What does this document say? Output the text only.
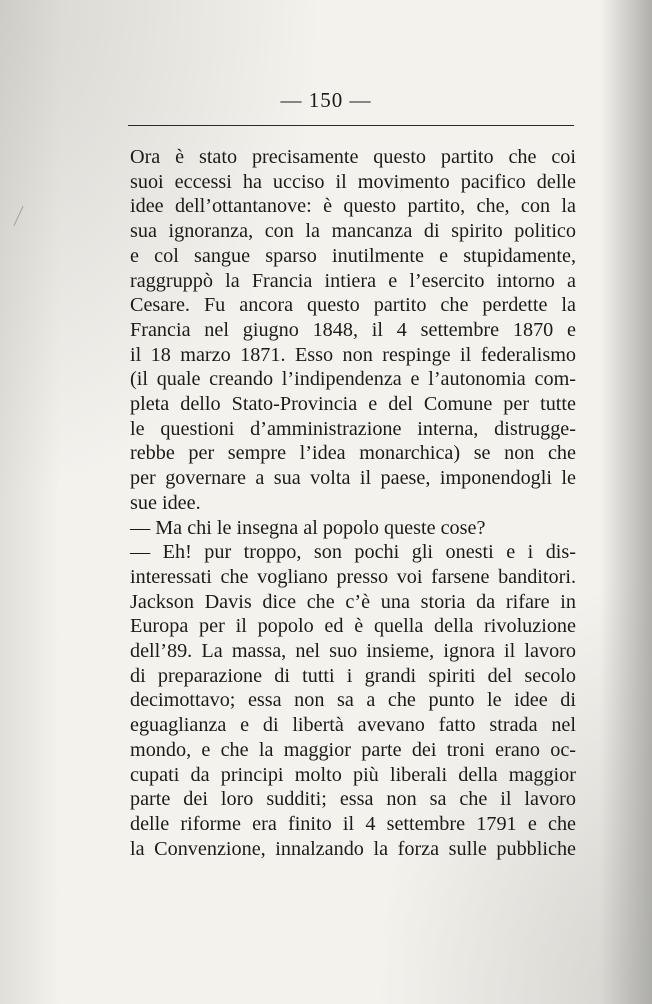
— 150 —
Ora è stato precisamente questo partito che coi
suoi eccessi ha ucciso il movimento pacifico delle
idee dell’ottantanove: è questo partito, che, con la
sua ignoranza, con la mancanza di spirito politico
e col sangue sparso inutilmente e stupidamente,
raggruppò la Francia intiera e l’esercito intorno a
Cesare. Fu ancora questo partito che perdette la
Francia nel giugno 1848, il 4 settembre 1870 e
il 18 marzo 1871. Esso non respinge il federalismo
(il quale creando l’indipendenza e l’autonomia com-
pleta dello Stato-Provincia e del Comune per tutte
le questioni d’amministrazione interna, distrugge-
rebbe per sempre l’idea monarchica) se non che
per governare a sua volta il paese, imponendogli le
sue idee.
— Ma chi le insegna al popolo queste cose?
— Eh! pur troppo, son pochi gli onesti e i dis-
interessati che vogliano presso voi farsene banditori.
Jackson Davis dice che c’è una storia da rifare in
Europa per il popolo ed è quella della rivoluzione
dell’89. La massa, nel suo insieme, ignora il lavoro
di preparazione di tutti i grandi spiriti del secolo
decimottavo; essa non sa a che punto le idee di
eguaglianza e di libertà avevano fatto strada nel
mondo, e che la maggior parte dei troni erano oc-
cupati da principi molto più liberali della maggior
parte dei loro sudditi; essa non sa che il lavoro
delle riforme era finito il 4 settembre 1791 e che
la Convenzione, innalzando la forza sulle pubbliche
